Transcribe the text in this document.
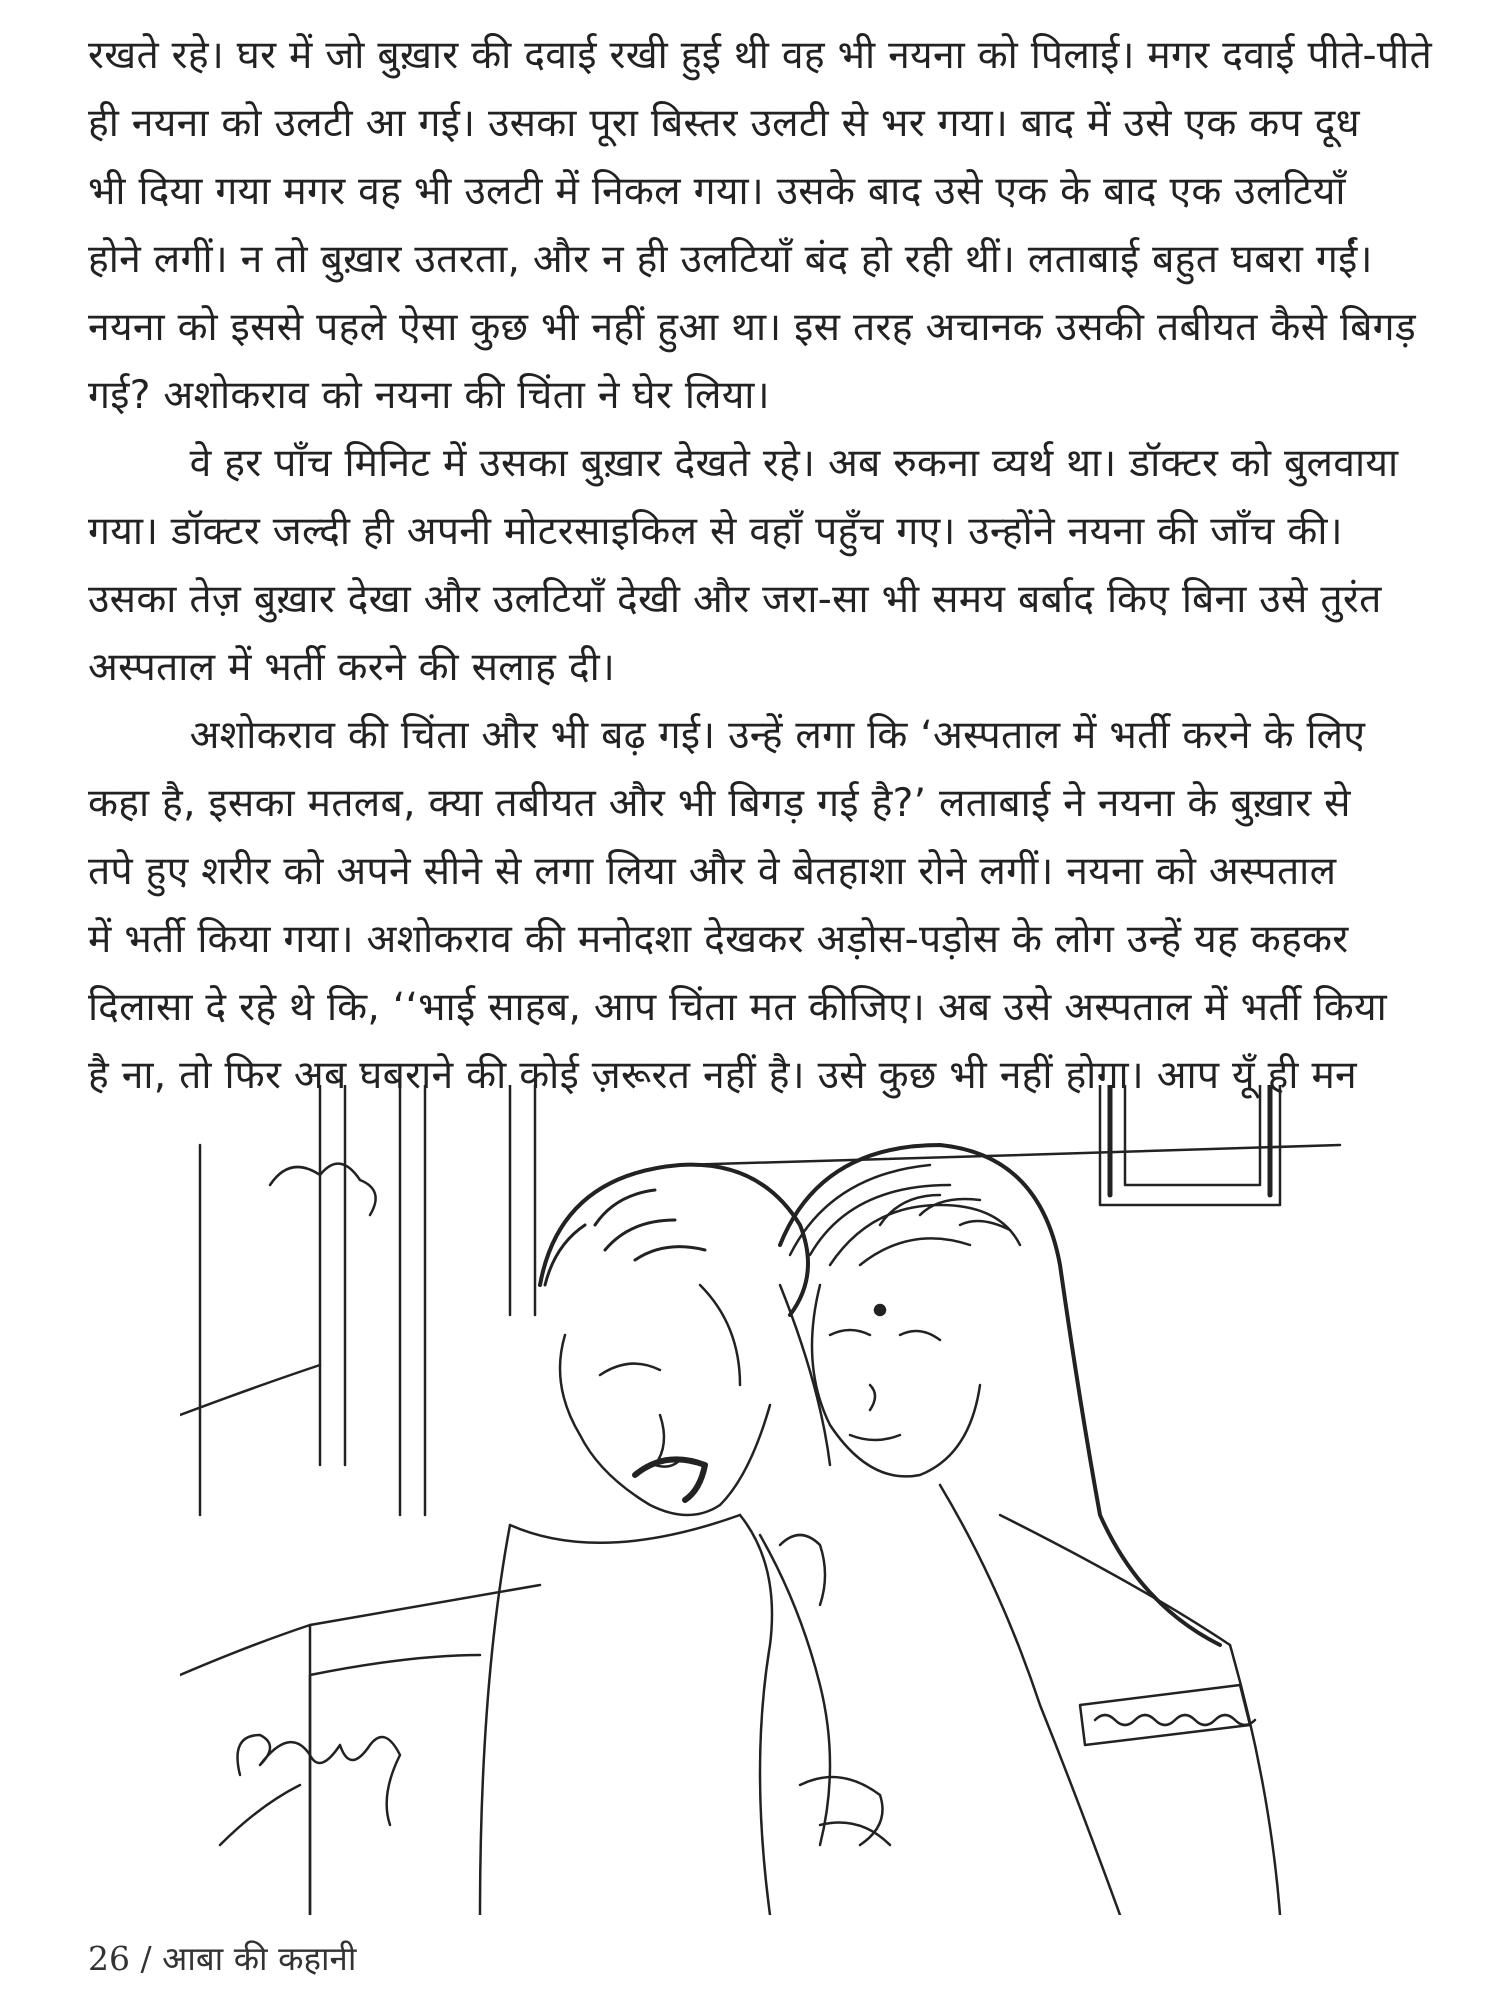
रखते रहे। घर में जो बुख़ार की दवाई रखी हुई थी वह भी नयना को पिलाई। मगर दवाई पीते-पीते
ही नयना को उलटी आ गई। उसका पूरा बिस्तर उलटी से भर गया। बाद में उसे एक कप दूध
भी दिया गया मगर वह भी उलटी में निकल गया। उसके बाद उसे एक के बाद एक उलटियाँ
होने लगीं। न तो बुख़ार उतरता, और न ही उलटियाँ बंद हो रही थीं। लताबाई बहुत घबरा गईं।
नयना को इससे पहले ऐसा कुछ भी नहीं हुआ था। इस तरह अचानक उसकी तबीयत कैसे बिगड़
गई? अशोकराव को नयना की चिंता ने घेर लिया।
वे हर पाँच मिनिट में उसका बुख़ार देखते रहे। अब रुकना व्यर्थ था। डॉक्टर को बुलवाया
गया। डॉक्टर जल्दी ही अपनी मोटरसाइकिल से वहाँ पहुँच गए। उन्होंने नयना की जाँच की।
उसका तेज़ बुख़ार देखा और उलटियाँ देखी और जरा-सा भी समय बर्बाद किए बिना उसे तुरंत
अस्पताल में भर्ती करने की सलाह दी।
अशोकराव की चिंता और भी बढ़ गई। उन्हें लगा कि ‘अस्पताल में भर्ती करने के लिए
कहा है, इसका मतलब, क्या तबीयत और भी बिगड़ गई है?’ लताबाई ने नयना के बुख़ार से
तपे हुए शरीर को अपने सीने से लगा लिया और वे बेतहाशा रोने लगीं। नयना को अस्पताल
में भर्ती किया गया। अशोकराव की मनोदशा देखकर अड़ोस-पड़ोस के लोग उन्हें यह कहकर
दिलासा दे रहे थे कि, ‘‘भाई साहब, आप चिंता मत कीजिए। अब उसे अस्पताल में भर्ती किया
है ना, तो फिर अब घबराने की कोई ज़रूरत नहीं है। उसे कुछ भी नहीं होगा। आप यूँ ही मन
26 / आबा की कहानी
